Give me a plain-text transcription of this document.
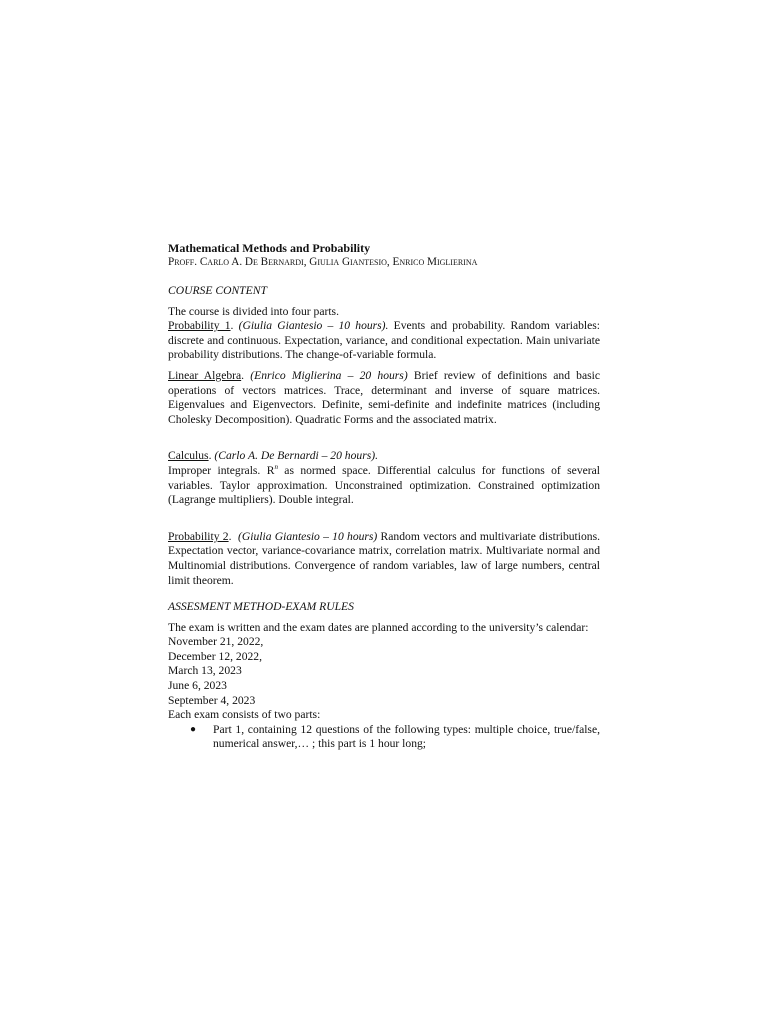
Mathematical Methods and Probability

Proff. Carlo A. De Bernardi, Giulia Giantesio, Enrico Miglierina

COURSE CONTENT

The course is divided into four parts.

Probability 1. (Giulia Giantesio – 10 hours). Events and probability. Random variables: discrete and continuous. Expectation, variance, and conditional expectation. Main univariate probability distributions. The change-of-variable formula.

Linear Algebra. (Enrico Miglierina – 20 hours) Brief review of definitions and basic operations of vectors matrices. Trace, determinant and inverse of square matrices. Eigenvalues and Eigenvectors. Definite, semi-definite and indefinite matrices (including Cholesky Decomposition). Quadratic Forms and the associated matrix.

Calculus. (Carlo A. De Bernardi – 20 hours).

Improper integrals. $R^n$ as normed space. Differential calculus for functions of several variables. Taylor approximation. Unconstrained optimization. Constrained optimization (Lagrange multipliers). Double integral.

Probability 2.  (Giulia Giantesio – 10 hours) Random vectors and multivariate distributions. Expectation vector, variance-covariance matrix, correlation matrix. Multivariate normal and Multinomial distributions. Convergence of random variables, law of large numbers, central limit theorem.

ASSESMENT METHOD-EXAM RULES

The exam is written and the exam dates are planned according to the university’s calendar:

November 21, 2022,

December 12, 2022,

March 13, 2023

June 6, 2023

September 4, 2023

Each exam consists of two parts:

●	Part 1, containing 12 questions of the following types: multiple choice, true/false, numerical answer,… ; this part is 1 hour long;
